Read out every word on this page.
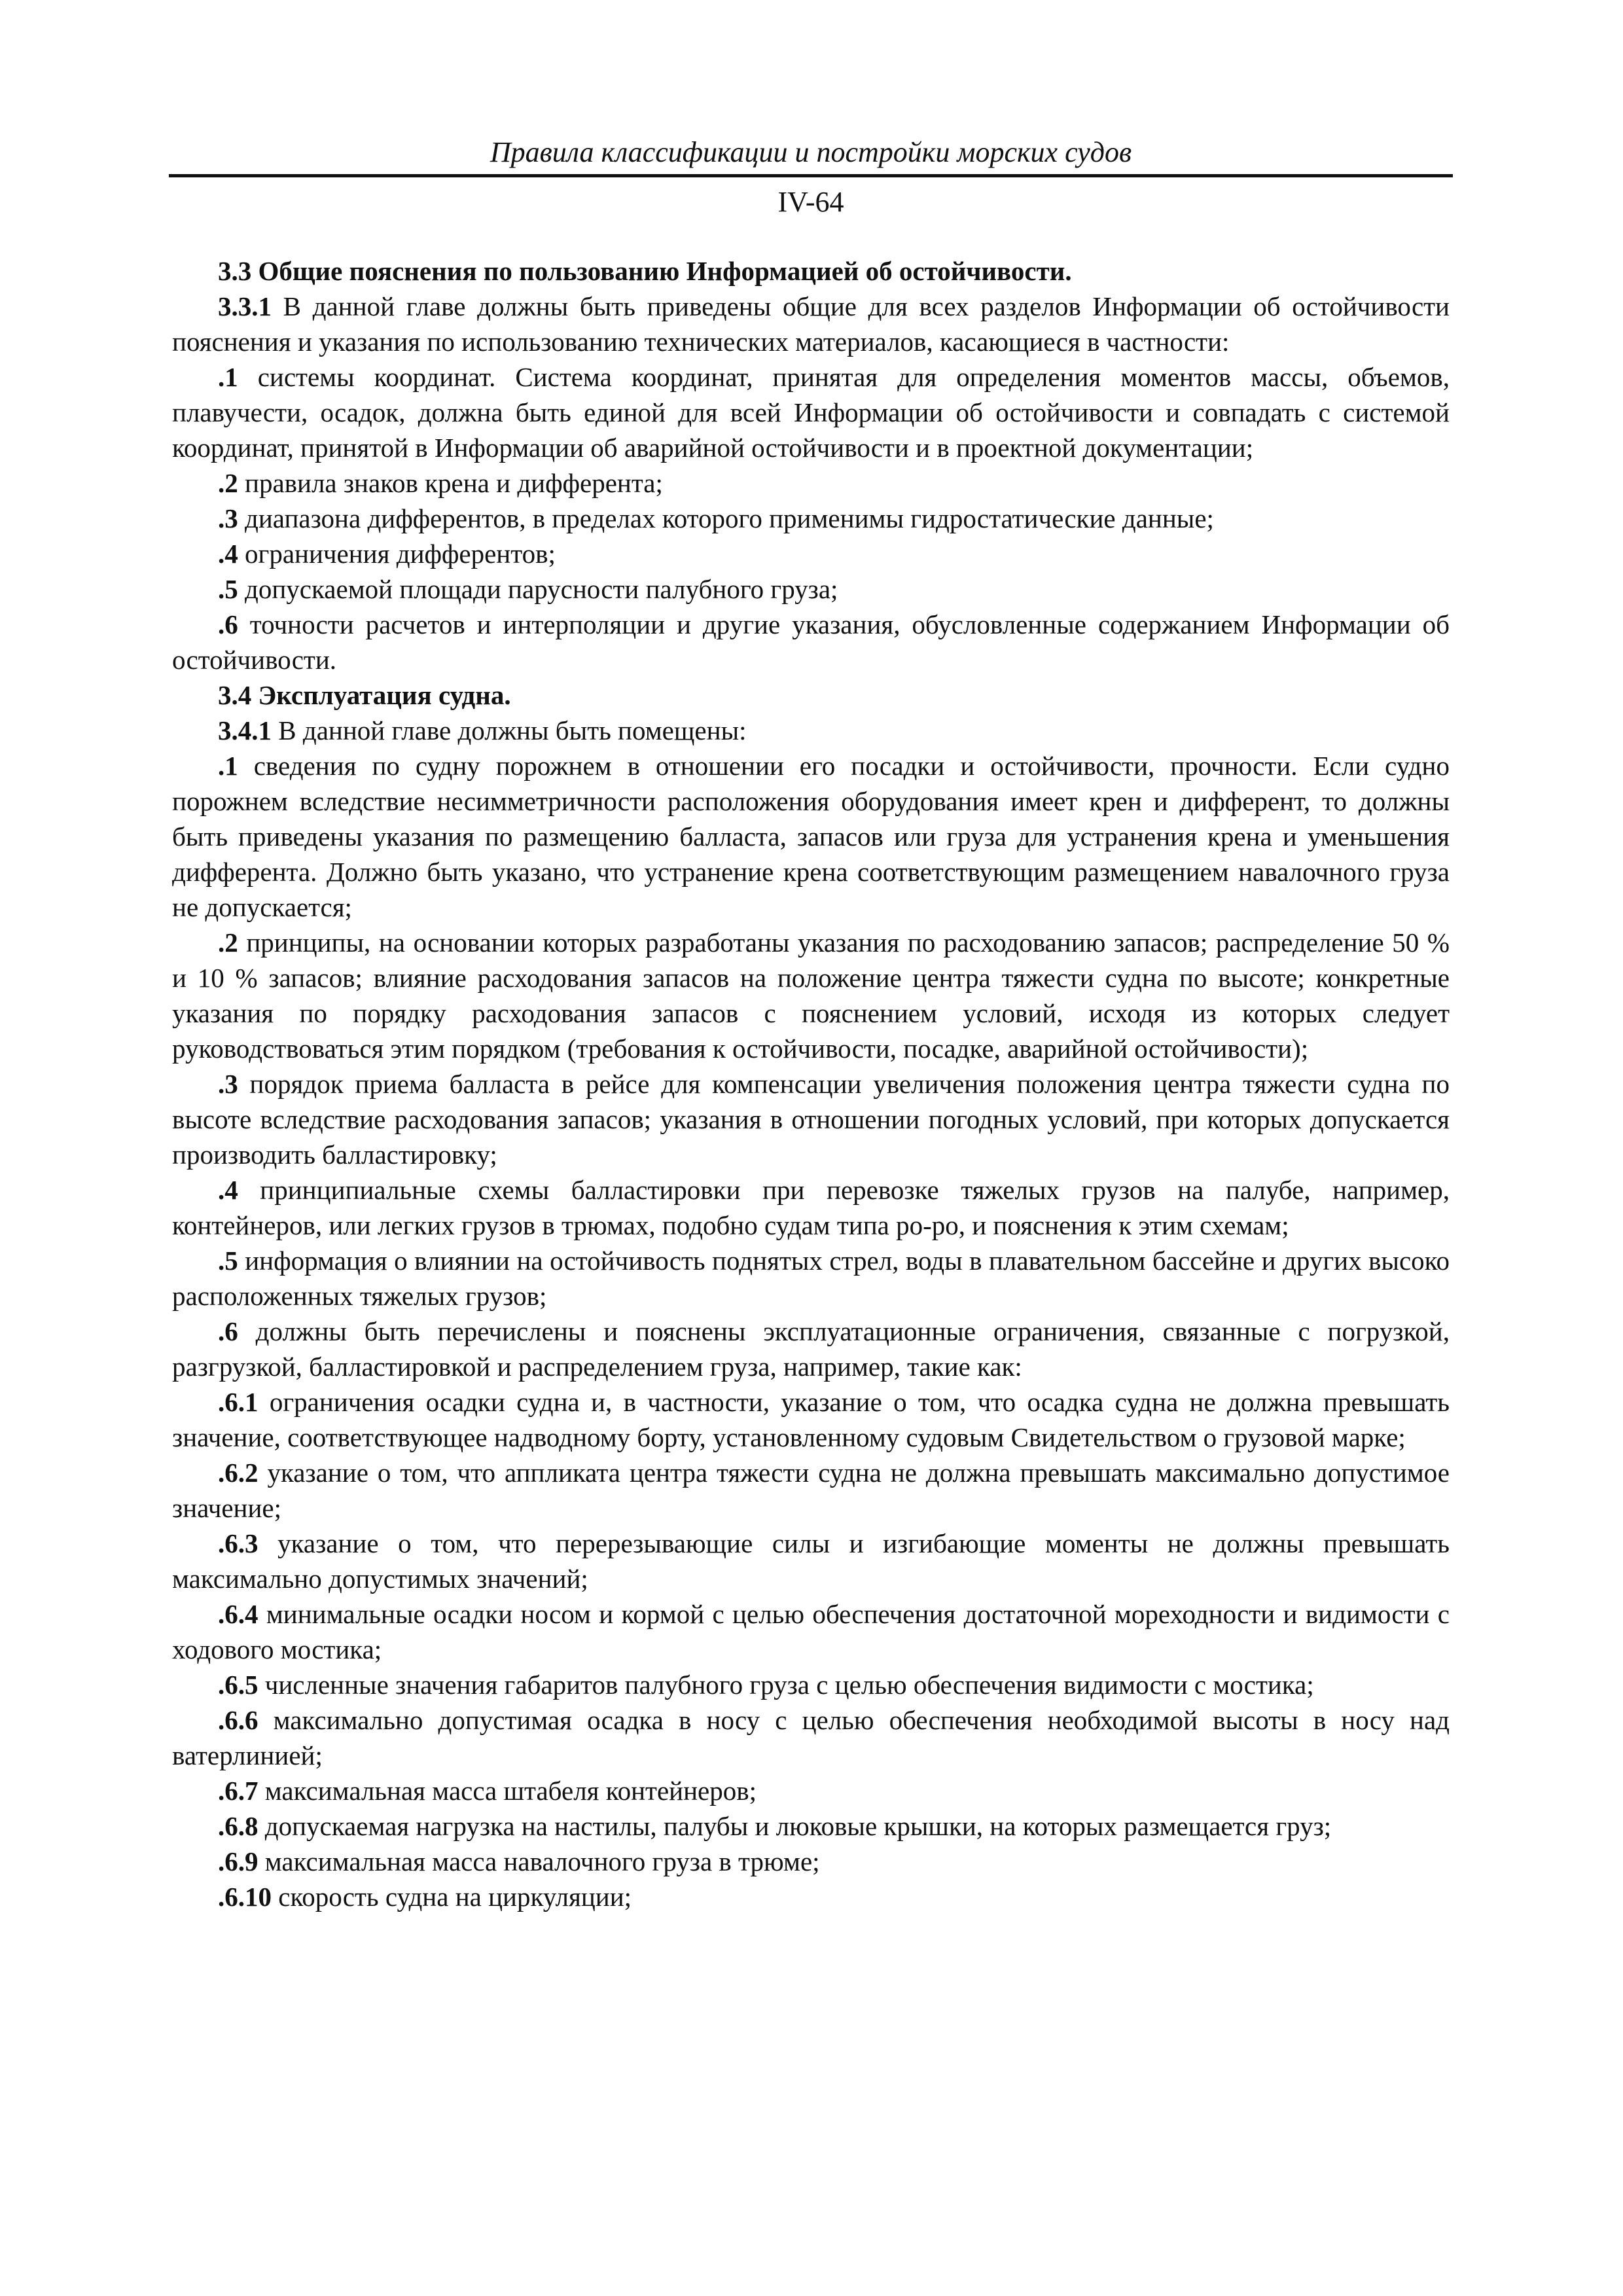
Правила классификации и постройки морских судов
IV-64

3.3 Общие пояснения по пользованию Информацией об остойчивости.

3.3.1 В данной главе должны быть приведены общие для всех разделов Информации об остойчивости пояснения и указания по использованию технических материалов, касающиеся в частности:

.1 системы координат. Система координат, принятая для определения моментов массы, объемов, плавучести, осадок, должна быть единой для всей Информации об остойчивости и совпадать с системой координат, принятой в Информации об аварийной остойчивости и в проектной документации;

.2 правила знаков крена и дифферента;

.3 диапазона дифферентов, в пределах которого применимы гидростатические данные;

.4 ограничения дифферентов;

.5 допускаемой площади парусности палубного груза;

.6 точности расчетов и интерполяции и другие указания, обусловленные содержанием Информации об остойчивости.

3.4 Эксплуатация судна.

3.4.1 В данной главе должны быть помещены:

.1 сведения по судну порожнем в отношении его посадки и остойчивости, прочности. Если судно порожнем вследствие несимметричности расположения оборудования имеет крен и дифферент, то должны быть приведены указания по размещению балласта, запасов или груза для устранения крена и уменьшения дифферента. Должно быть указано, что устранение крена соответствующим размещением навалочного груза не допускается;

.2 принципы, на основании которых разработаны указания по расходованию запасов; распределение 50 % и 10 % запасов; влияние расходования запасов на положение центра тяжести судна по высоте; конкретные указания по порядку расходования запасов с пояснением условий, исходя из которых следует руководствоваться этим порядком (требования к остойчивости, посадке, аварийной остойчивости);

.3 порядок приема балласта в рейсе для компенсации увеличения положения центра тяжести судна по высоте вследствие расходования запасов; указания в отношении погодных условий, при которых допускается производить балластировку;

.4 принципиальные схемы балластировки при перевозке тяжелых грузов на палубе, например, контейнеров, или легких грузов в трюмах, подобно судам типа ро-ро, и пояснения к этим схемам;

.5 информация о влиянии на остойчивость поднятых стрел, воды в плавательном бассейне и других высоко расположенных тяжелых грузов;

.6 должны быть перечислены и пояснены эксплуатационные ограничения, связанные с погрузкой, разгрузкой, балластировкой и распределением груза, например, такие как:

.6.1 ограничения осадки судна и, в частности, указание о том, что осадка судна не должна превышать значение, соответствующее надводному борту, установленному судовым Свидетельством о грузовой марке;

.6.2 указание о том, что аппликата центра тяжести судна не должна превышать максимально допустимое значение;

.6.3 указание о том, что перерезывающие силы и изгибающие моменты не должны превышать максимально допустимых значений;

.6.4 минимальные осадки носом и кормой с целью обеспечения достаточной мореходности и видимости с ходового мостика;

.6.5 численные значения габаритов палубного груза с целью обеспечения видимости с мостика;

.6.6 максимально допустимая осадка в носу с целью обеспечения необходимой высоты в носу над ватерлинией;

.6.7 максимальная масса штабеля контейнеров;

.6.8 допускаемая нагрузка на настилы, палубы и люковые крышки, на которых размещается груз;

.6.9 максимальная масса навалочного груза в трюме;

.6.10 скорость судна на циркуляции;
